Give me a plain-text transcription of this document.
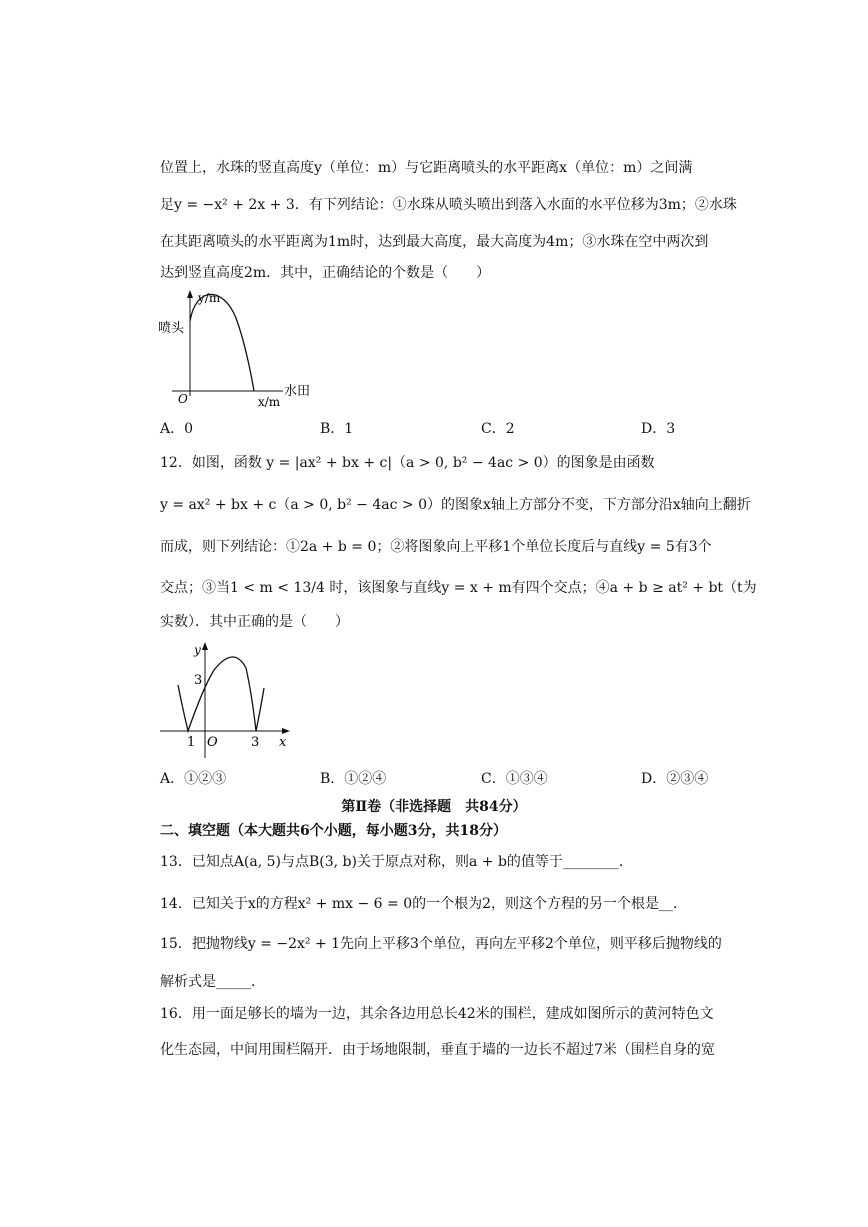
位置上，水珠的竖直高度y（单位：m）与它距离喷头的水平距离x（单位：m）之间满
足y = −x² + 2x + 3．有下列结论：①水珠从喷头喷出到落入水面的水平位移为3m；②水珠
在其距离喷头的水平距离为1m时，达到最大高度，最大高度为4m；③水珠在空中两次到
达到竖直高度2m．其中，正确结论的个数是（　　）
y/m
喷头
O	x/m
水田
A．0	B．1	C．2	D．3
12．如图，函数 y = |ax² + bx + c|（a > 0, b² − 4ac > 0）的图象是由函数
y = ax² + bx + c（a > 0, b² − 4ac > 0）的图象x轴上方部分不变，下方部分沿x轴向上翻折
而成，则下列结论：①2a + b = 0；②将图象向上平移1个单位长度后与直线y = 5有3个
交点；③当1 < m < 13/4 时，该图象与直线y = x + m有四个交点；④a + b ≥ at² + bt（t为
实数）．其中正确的是（　　）
y
3
1 O	3 x
A．①②③	B．①②④	C．①③④	D．②③④
第Ⅱ卷（非选择题　共84分）
二、填空题（本大题共6个小题，每小题3分，共18分）
13．已知点A(a, 5)与点B(3, b)关于原点对称，则a + b的值等于________．
14．已知关于x的方程x² + mx − 6 = 0的一个根为2，则这个方程的另一个根是__．
15．把抛物线y = −2x² + 1先向上平移3个单位，再向左平移2个单位，则平移后抛物线的
解析式是_____．
16．用一面足够长的墙为一边，其余各边用总长42米的围栏，建成如图所示的黄河特色文
化生态园，中间用围栏隔开．由于场地限制，垂直于墙的一边长不超过7米（围栏自身的宽
